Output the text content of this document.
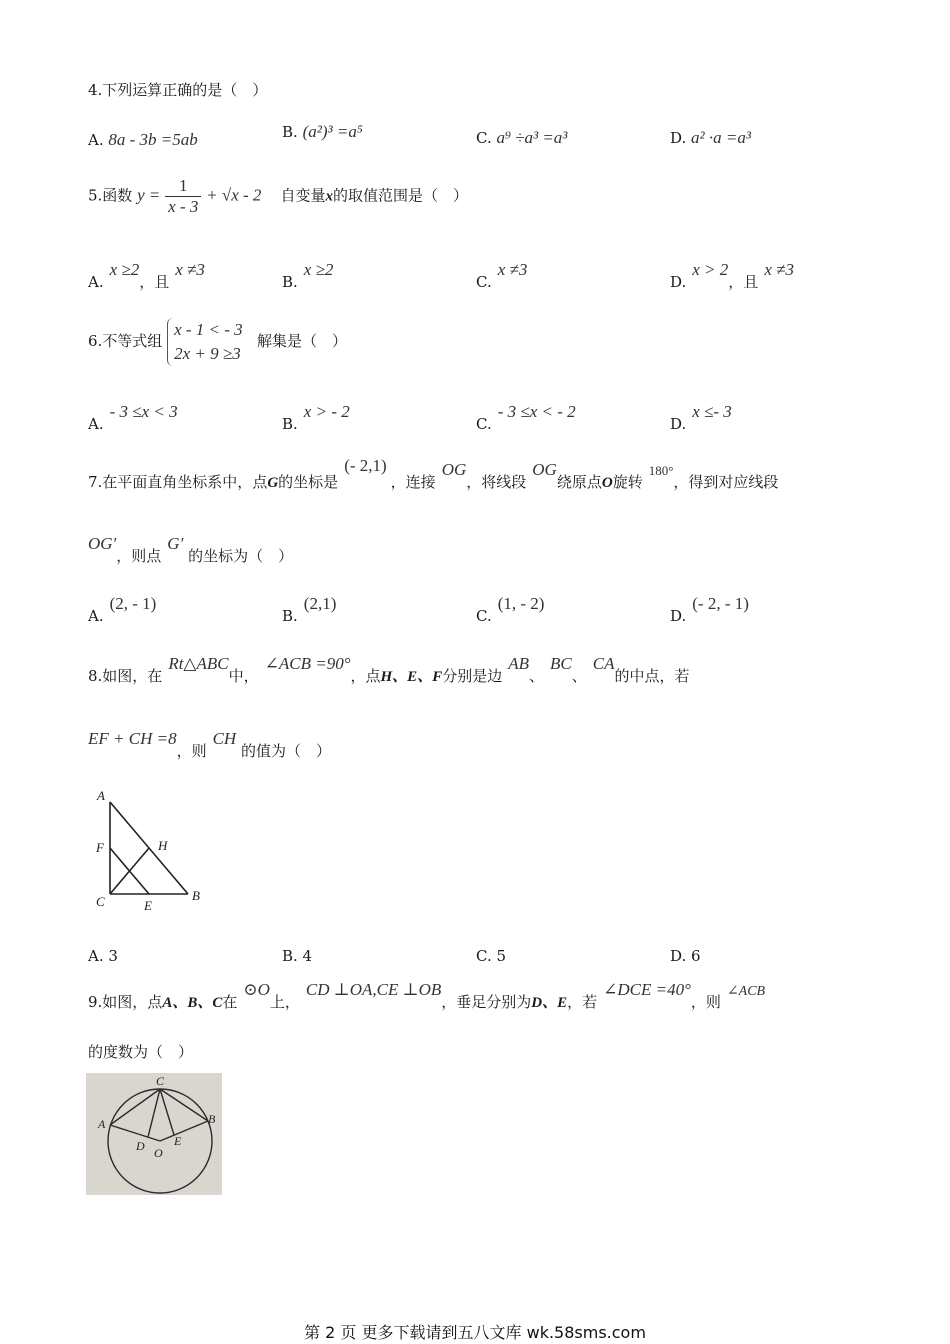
4.下列运算正确的是（　）
A. 8a - 3b =5ab	B. (a²)³ =a⁵	C. a⁹ ÷a³ =a³	D. a² ·a =a³
5.函数 $y = \frac{1}{x - 3} + √x - 2$ 自变量x的取值范围是（　）
A.x ≥2，且x ≠3
B.x ≥2
C.x ≠3
D.x > 2，且x ≠3
6.不等式组
x - 1 < - 3
2x + 9 ≥3
解集是（　）
A.- 3 ≤x < 3
B.x > - 2
C.- 3 ≤x < - 2
D.x ≤- 3
7.在平面直角坐标系中，点G的坐标是(- 2,1)，连接OG，将线段OG绕原点O旋转180°，得到对应线段
OG′，则点G′ 的坐标为（　）
A.(2, - 1)
B.(2,1)
C.(1, - 2)
D.(- 2, - 1)
8.如图，在Rt△ABC中，∠ACB =90°，点H、E、F分别是边AB、BC、CA的中点，若
EF + CH =8，则CH 的值为（　）
A
B
C	E
F	H
A. 3	B. 4	C. 5	D. 6
9.如图，点A、B、C在⊙O上，CD ⊥OA,CE ⊥OB，垂足分别为D、E，若∠DCE =40°，则∠ACB
的度数为（　）
C
A	B
D E
O
第 2 页 更多下载请到五八文库 wk.58sms.com
